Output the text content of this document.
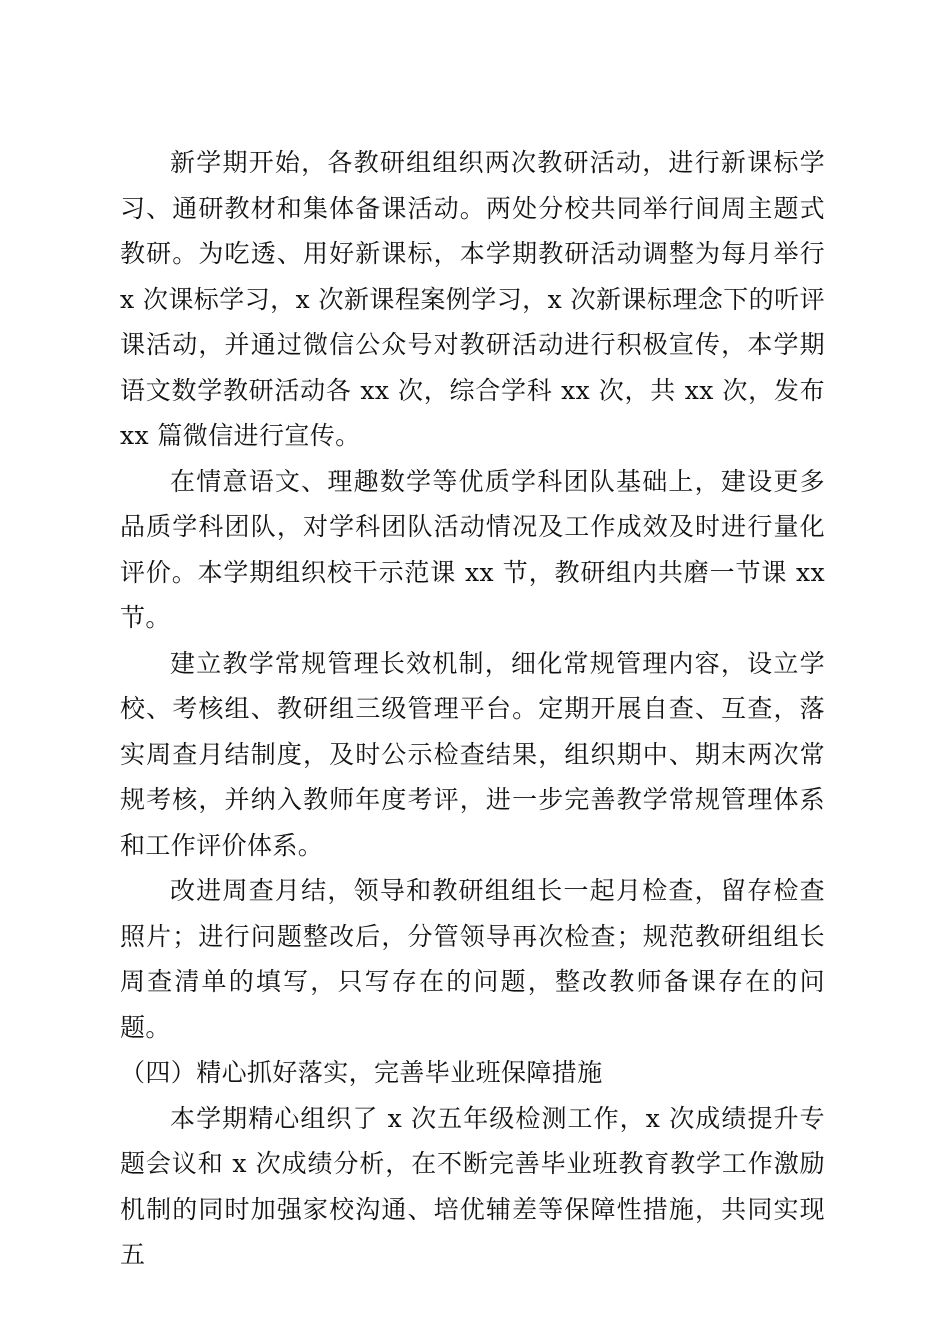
新学期开始，各教研组组织两次教研活动，进行新课标学习、通研教材和集体备课活动。两处分校共同举行间周主题式教研。为吃透、用好新课标，本学期教研活动调整为每月举行 x 次课标学习，x 次新课程案例学习，x 次新课标理念下的听评课活动，并通过微信公众号对教研活动进行积极宣传，本学期语文数学教研活动各 xx 次，综合学科 xx 次，共 xx 次，发布 xx 篇微信进行宣传。

在情意语文、理趣数学等优质学科团队基础上，建设更多品质学科团队，对学科团队活动情况及工作成效及时进行量化评价。本学期组织校干示范课 xx 节，教研组内共磨一节课 xx 节。

建立教学常规管理长效机制，细化常规管理内容，设立学校、考核组、教研组三级管理平台。定期开展自查、互查，落实周查月结制度，及时公示检查结果，组织期中、期末两次常规考核，并纳入教师年度考评，进一步完善教学常规管理体系和工作评价体系。

改进周查月结，领导和教研组组长一起月检查，留存检查照片；进行问题整改后，分管领导再次检查；规范教研组组长周查清单的填写，只写存在的问题，整改教师备课存在的问题。

（四）精心抓好落实，完善毕业班保障措施

本学期精心组织了 x 次五年级检测工作，x 次成绩提升专题会议和 x 次成绩分析，在不断完善毕业班教育教学工作激励机制的同时加强家校沟通、培优辅差等保障性措施，共同实现五
